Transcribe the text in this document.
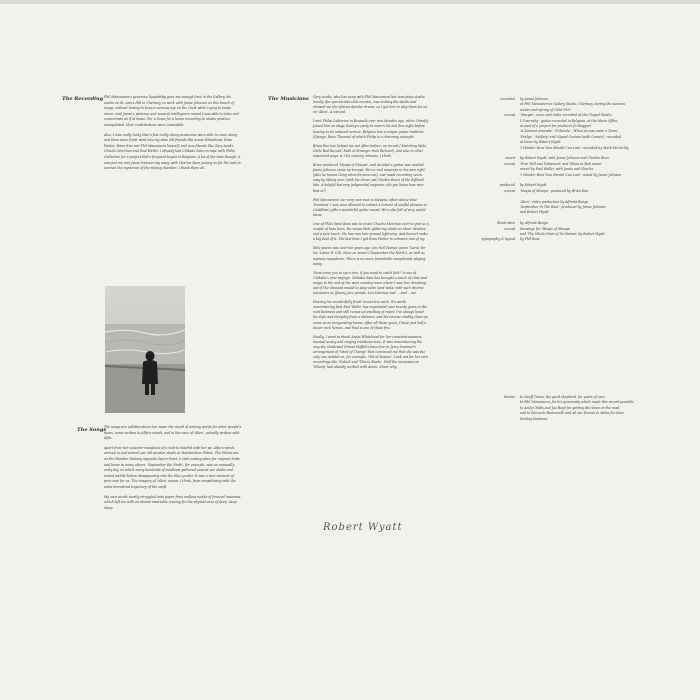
The Recording Phil Manzanera's generous hospitality gave me enough time in the Gallery, his studio on St. Ann's Hill in Chertsey, to work with Jamie Johnson on this bunch of songs, without having to keep a nervous eye on the clock while trying to make music. And Jamie's patience and musical intelligence meant I was able to relax and concentrate as if at home. For a home for a home recording to studio produce manipulated, their contributions were invaluable.

Also, I was really lucky that a few really classy musicians were able to come along and blow some fresh wind into my stale old friends like Annie Whitehead, Evan Parker, Brian Eno and Phil Manzanera himself, and new friends like Gary Azukx, Chucho Merchan and Paul Weller. I already had Chikako Sato on tape with Philip Catherine for a project that's frequent begun in Belgium. A lot of the time though, it was just me and Jamie hammering away, with Charles Rees joining us for the vets to unravel the mysteries of the mixing chamber. I thank them all.

The Songs

The songs are collaborations too: some the result of writing words for other people's tunes, some written to Alfie's words, and in the case of 'Alien', actually written with Alfie.

Apart from her souvenir snapshots of a visit to Madrid with her pa, Alfie's words arrived in and around our old wooden studio at Hamberston Fitties. The Fitties are on the Humber Estuary opposite Spurn Point, a vital resting place for migrant birds and home to many others. 'September the Ninth', for example, was an unusually early day on which many hundreds of swallows gathered around our studio and rested awhile before disappearing into the blue yonder. It was a rare moment of pure awe for us. The imagery of 'Alien' comes, I think, from empathising with the extra-terrestrial trajectory of the swift.

My own words mostly struggled onto paper from endless weeks of fevered insomnia, which left me with an almost insatiable craving for the abyssal ease of deep, deep sleep.

The Musicians Gary Azukx, who has sung with Phil Manzanera but now plays studio mostly (for spectacular club events), was visiting the studio and showed me the African djembe drums, so I got him to play them for us on 'Alien'. A natural.

I met Philip Catherine in Brussels over two decades ago, when I briefly joined him on stage during a party to mourn his last few night before leaving to do national service. Belgium has a unique guitar tradition (Django, Rene Thomas) of which Philip is a charming example.

Brian Eno has helped me out often before, on record ('Matching Mole, Little Red Record, Ruth Is Stranger than Richard), and also in other important ways. A 21st century virtuoso, I think.

Brian produced 'Heaps of Sheeps', and decided a guitar was needed. Jamie Johnson came up trumps. He's a real musician in his own right. (plus he knows Gong when he sees one), and made recording seem easy by taking over (with his clever pal Charles Rees) of the difficult bits. A helpful but very judgmental engineer. (do you know how rare that is?)

Phil Manzanera: our very own man in Havana, often whose tone 'Frontera' I was once allowed to extract a torrent of soulful phrases in Castillian) gifts a wonderful guitar sound. He's also full of very useful ideas.

One of Phil's best ideas was to invite Chucho Merchan over to give us a couple of bass lines. He wears little glittering cleats as sheer decisive and a sure touch. He has rare bite ground lightning. And doesn't make a big deal of it. The last time I got Evan Parker to enhance one of my

little pieces was over ten years ago: (on Neil Haines' poem 'Caria' for his 'Listen It' CD). Here on newer ('September the Ninth'), as well as soprano saxophone. There is no more formidable saxophonist playing today.

'Now come you to sip a tree, if you want to catch fish?' is one of Chikako's nine sayings. Chikako Sato has brought a touch of class and magic to the end of the west country tours where I was live, breaking out of the classical mould to play violin (and viola) with such diverse musicians as (Jimmy Jazz pianist, Leo Solomon and ... and... me.

Hearing his wonderfully fresh recent trio work, it's worth remembering that Paul Weller has negotiated over twenty years in the rock business and still comes up smelling of roses! I've always loved his style and integrity from a distance, and his intense vitality close-up came as an invigorating bonus. After all these years, I have just half a dozen rock heroes, and Paul is one of those five.

Finally, I want to thank Annie Whitehead for her conscientiousness, musical acuity and singing trombone tone. It was remembering the way she shadowed Ernest Hoffek's bass line on Jerry Dammer's arrangement of 'Wind of Change' that convinced me that she was the only one needed on, for example, 'Old of Season'. Look out for her own recordings like 'Naked' and 'This is Shade'. Half the musicians on 'Shleep' had already worked with Annie. Shear why.

Robert Wyatt
recorded by Jamie Johnson
at Phil Manzanera's Gallery Studio, Chertsey, during the autumn,
winter and spring of 1996-1997
except 'Maryan', voice and violin recorded at the Chapel Studio,
L'Overseby - guitar recorded in Belgium, at the Moon Office,
as part of a project for producer Jo Hoggart
'A Sunsent Amanda', 'N'doeule', 'When Access wasn a Team',
'Fridge', 'Salifety' and 'Signal Curtain (with Carnet)', recorded
at home by Robert Wyatt
'I Wonder How Your Breath Can Last', recorded by Mark McCarthy
mixed by Robert Wyatt, with Jamie Johnson and Charles Rees
except 'Free Will and Testament' and 'Blues in Bob minor'
mixed by Paul Weller, with Jamie and Charles
'I Wonder How Your Breath Can Last', mixed by Jamie Johnson
produced by Robert Wyatt
except 'Heaps of Sheeps', produced by Brian Eno.
'Alien', video production by Alfreda Benge
'September In The Rain', produced by Jamie Johnson
and Robert Wyatt
illustration by Alfreda Benge
except drawings for 'Heaps of Sheeps'
and 'The Whole Point of No Return' by Robert Wyatt
typography & layout by Phil Rose
thanks to Geoff Travis, the good shepherd, for years of care,
to Phil Manzanera, for his generosity which made this record possible,
to Andy Childs and Joe Boyd for getting the show on the road,
and to Riccardo Bertoncelli and all our friends in Milan for their
healing kindness.
